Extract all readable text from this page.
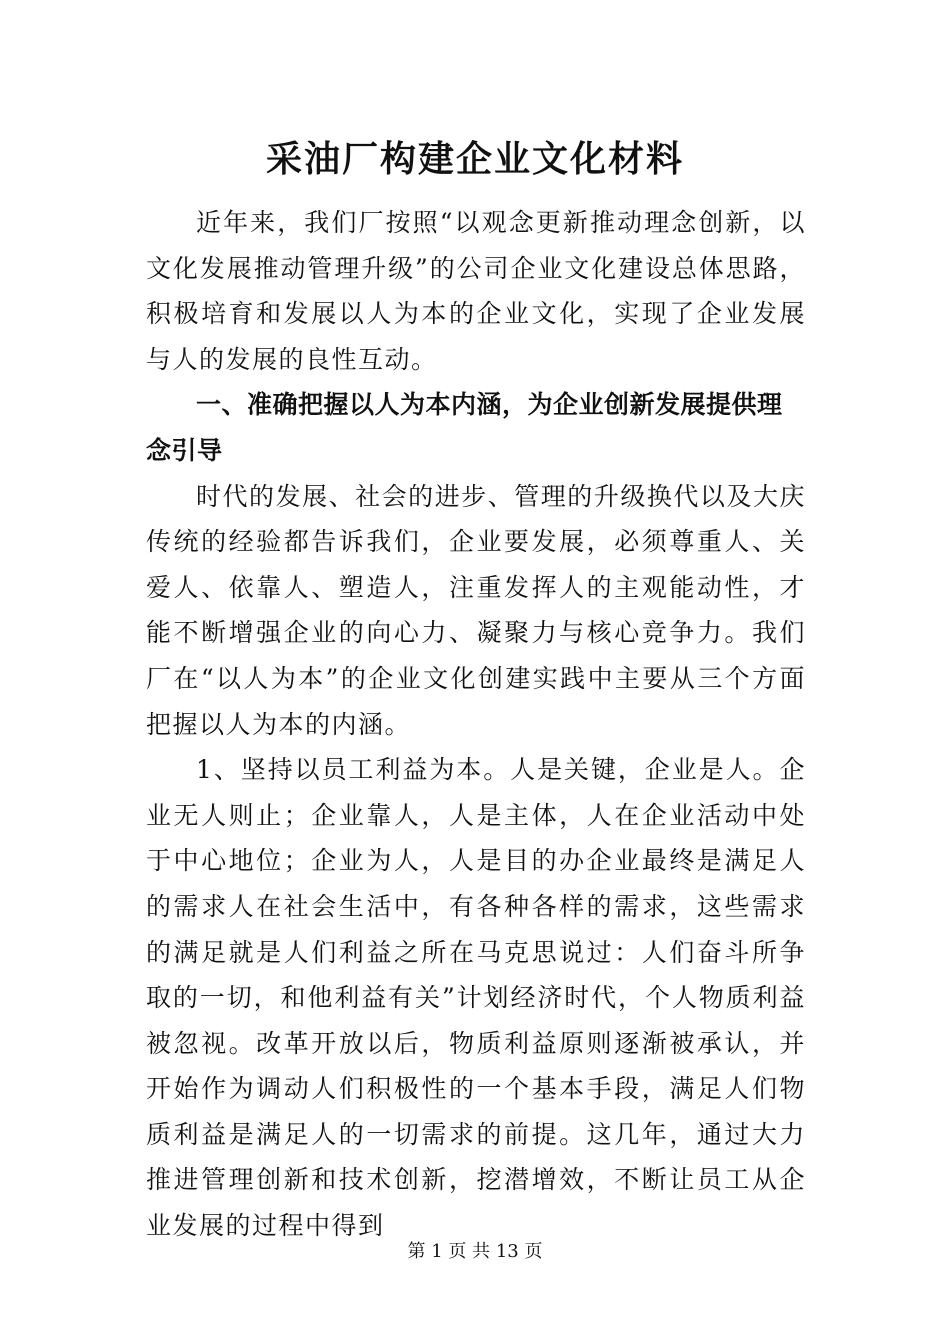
采油厂构建企业文化材料

近年来，我们厂按照“以观念更新推动理念创新，以文化发展推动管理升级”的公司企业文化建设总体思路，积极培育和发展以人为本的企业文化，实现了企业发展与人的发展的良性互动。

一、准确把握以人为本内涵，为企业创新发展提供理念引导

时代的发展、社会的进步、管理的升级换代以及大庆传统的经验都告诉我们，企业要发展，必须尊重人、关爱人、依靠人、塑造人，注重发挥人的主观能动性，才能不断增强企业的向心力、凝聚力与核心竞争力。我们厂在“以人为本”的企业文化创建实践中主要从三个方面把握以人为本的内涵。

1、坚持以员工利益为本。人是关键，企业是人。企业无人则止；企业靠人，人是主体，人在企业活动中处于中心地位；企业为人，人是目的办企业最终是满足人的需求人在社会生活中，有各种各样的需求，这些需求的满足就是人们利益之所在马克思说过：人们奋斗所争取的一切，和他利益有关”计划经济时代，个人物质利益被忽视。改革开放以后，物质利益原则逐渐被承认，并开始作为调动人们积极性的一个基本手段，满足人们物质利益是满足人的一切需求的前提。这几年，通过大力推进管理创新和技术创新，挖潜增效，不断让员工从企业发展的过程中得到

第 1 页 共 13 页
